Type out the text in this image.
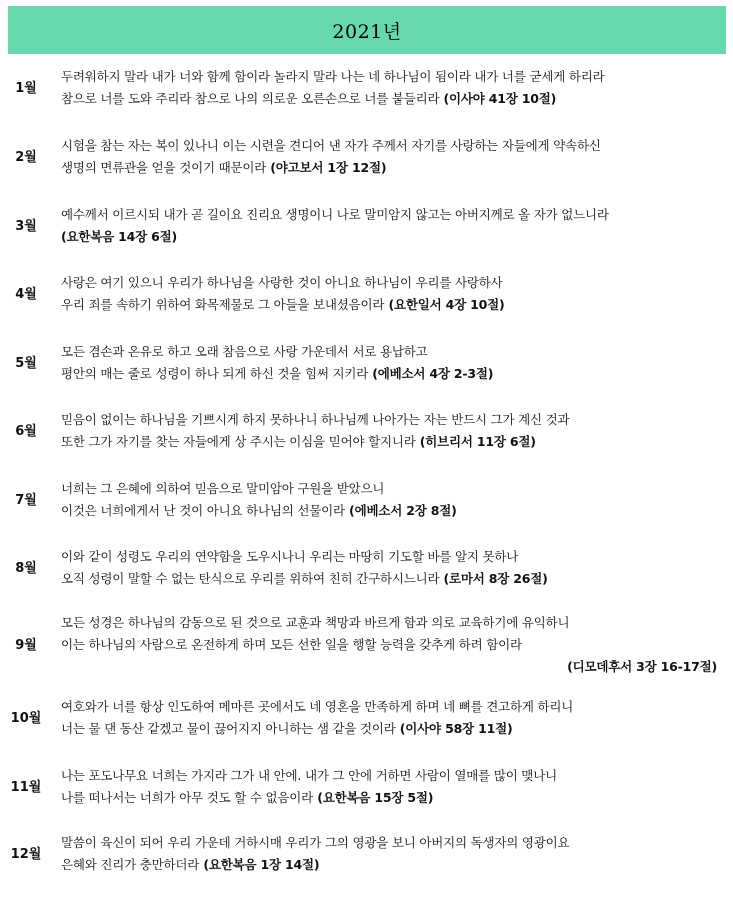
2021년
1월
두려워하지 말라 내가 너와 함께 함이라 놀라지 말라 나는 네 하나님이 됨이라 내가 너를 굳세게 하리라
참으로 너를 도와 주리라 참으로 나의 의로운 오른손으로 너를 붙들리라 (이사야 41장 10절)
2월
시험을 참는 자는 복이 있나니 이는 시련을 견디어 낸 자가 주께서 자기를 사랑하는 자들에게 약속하신
생명의 면류관을 얻을 것이기 때문이라 (야고보서 1장 12절)
3월
예수께서 이르시되 내가 곧 길이요 진리요 생명이니 나로 말미암지 않고는 아버지께로 올 자가 없느니라
(요한복음 14장 6절)
4월
사랑은 여기 있으니 우리가 하나님을 사랑한 것이 아니요 하나님이 우리를 사랑하사
우리 죄를 속하기 위하여 화목제물로 그 아들을 보내셨음이라 (요한일서 4장 10절)
5월
모든 겸손과 온유로 하고 오래 참음으로 사랑 가운데서 서로 용납하고
평안의 매는 줄로 성령이 하나 되게 하신 것을 힘써 지키라 (에베소서 4장 2-3절)
6월
믿음이 없이는 하나님을 기쁘시게 하지 못하나니 하나님께 나아가는 자는 반드시 그가 계신 것과
또한 그가 자기를 찾는 자들에게 상 주시는 이심을 믿어야 할지니라 (히브리서 11장 6절)
7월
너희는 그 은혜에 의하여 믿음으로 말미암아 구원을 받았으니
이것은 너희에게서 난 것이 아니요 하나님의 선물이라 (에베소서 2장 8절)
8월
이와 같이 성령도 우리의 연약함을 도우시나니 우리는 마땅히 기도할 바를 알지 못하나
오직 성령이 말할 수 없는 탄식으로 우리를 위하여 친히 간구하시느니라 (로마서 8장 26절)
9월
모든 성경은 하나님의 감동으로 된 것으로 교훈과 책망과 바르게 함과 의로 교육하기에 유익하니
이는 하나님의 사람으로 온전하게 하며 모든 선한 일을 행할 능력을 갖추게 하려 함이라
(디모데후서 3장 16-17절)
10월
여호와가 너를 항상 인도하여 메마른 곳에서도 네 영혼을 만족하게 하며 네 뼈를 견고하게 하리니
너는 물 댄 동산 같겠고 물이 끊어지지 아니하는 샘 같을 것이라 (이사야 58장 11절)
11월
나는 포도나무요 너희는 가지라 그가 내 안에. 내가 그 안에 거하면 사람이 열매를 많이 맺나니
나를 떠나서는 너희가 아무 것도 할 수 없음이라 (요한복음 15장 5절)
12월
말씀이 육신이 되어 우리 가운데 거하시매 우리가 그의 영광을 보니 아버지의 독생자의 영광이요
은혜와 진리가 충만하더라 (요한복음 1장 14절)
